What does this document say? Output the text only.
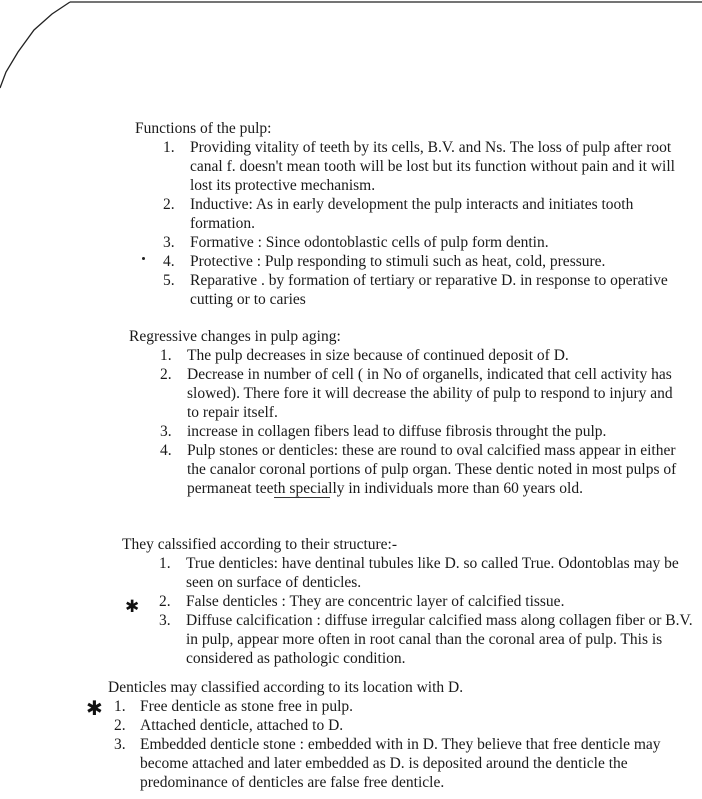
Functions of the pulp:

1. Providing vitality of teeth by its cells, B.V. and Ns. The loss of pulp after root canal f. doesn't mean tooth will be lost but its function without pain and it will lost its protective mechanism.
2. Inductive: As in early development the pulp interacts and initiates tooth formation.
3. Formative : Since odontoblastic cells of pulp form dentin.
4. Protective : Pulp responding to stimuli such as heat, cold, pressure.
5. Reparative . by formation of tertiary or reparative D. in response to operative cutting or to caries

Regressive changes in pulp aging:

1. The pulp decreases in size because of continued deposit of D.
2. Decrease in number of cell ( in No of organells, indicated that cell activity has slowed). There fore it will decrease the ability of pulp to respond to injury and to repair itself.
3. increase in collagen fibers lead to diffuse fibrosis throught the pulp.
4. Pulp stones or denticles: these are round to oval calcified mass appear in either the canalor coronal portions of pulp organ. These dentic noted in most pulps of permaneat teeth specially in individuals more than 60 years old.

They calssified according to their structure:-

1. True denticles: have dentinal tubules like D. so called True. Odontoblas may be seen on surface of denticles.
2. False denticles : They are concentric layer of calcified tissue.
3. Diffuse calcification : diffuse irregular calcified mass along collagen fiber or B.V. in pulp, appear more often in root canal than the coronal area of pulp. This is considered as pathologic condition.
✱

Denticles may classified according to its location with D.

1. Free denticle as stone free in pulp.
2. Attached denticle, attached to D.
3. Embedded denticle stone : embedded with in D. They believe that free denticle may become attached and later embedded as D. is deposited around the denticle the predominance of denticles are false free denticle.
✱
